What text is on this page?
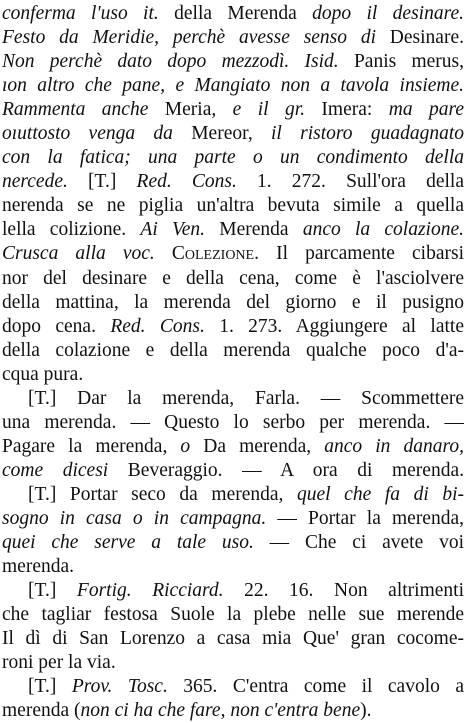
conferma l'uso it. della Merenda dopo il desinare.
Festo da Meridie, perchè avesse senso di Desinare.
Non perchè dato dopo mezzodì. Isid. Panis merus,
ıon altro che pane, e Mangiato non a tavola insieme.
Rammenta anche Meria, e il gr. Imera: ma pare
oıuttosto venga da Mereor, il ristoro guadagnato
con la fatica; una parte o un condimento della
nercede. [T.] Red. Cons. 1. 272. Sull'ora della
nerenda se ne piglia un'altra bevuta simile a quella
lella colizione. Ai Ven. Merenda anco la colazione.
Crusca alla voc. Colezione. Il parcamente cibarsi
nor del desinare e della cena, come è l'asciolvere
della mattina, la merenda del giorno e il pusigno
dopo cena. Red. Cons. 1. 273. Aggiungere al latte
della colazione e della merenda qualche poco d'a-
cqua pura.
[T.] Dar la merenda, Farla. — Scommettere
una merenda. — Questo lo serbo per merenda. —
Pagare la merenda, o Da merenda, anco in danaro,
come dicesi Beveraggio. — A ora di merenda.
[T.] Portar seco da merenda, quel che fa di bi-
sogno in casa o in campagna. — Portar la merenda,
quei che serve a tale uso. — Che ci avete voi
merenda.
[T.] Fortig. Ricciard. 22. 16. Non altrimenti
che tagliar festosa Suole la plebe nelle sue merende
Il dì di San Lorenzo a casa mia Que' gran cocome-
roni per la via.
[T.] Prov. Tosc. 365. C'entra come il cavolo a
merenda (non ci ha che fare, non c'entra bene).
